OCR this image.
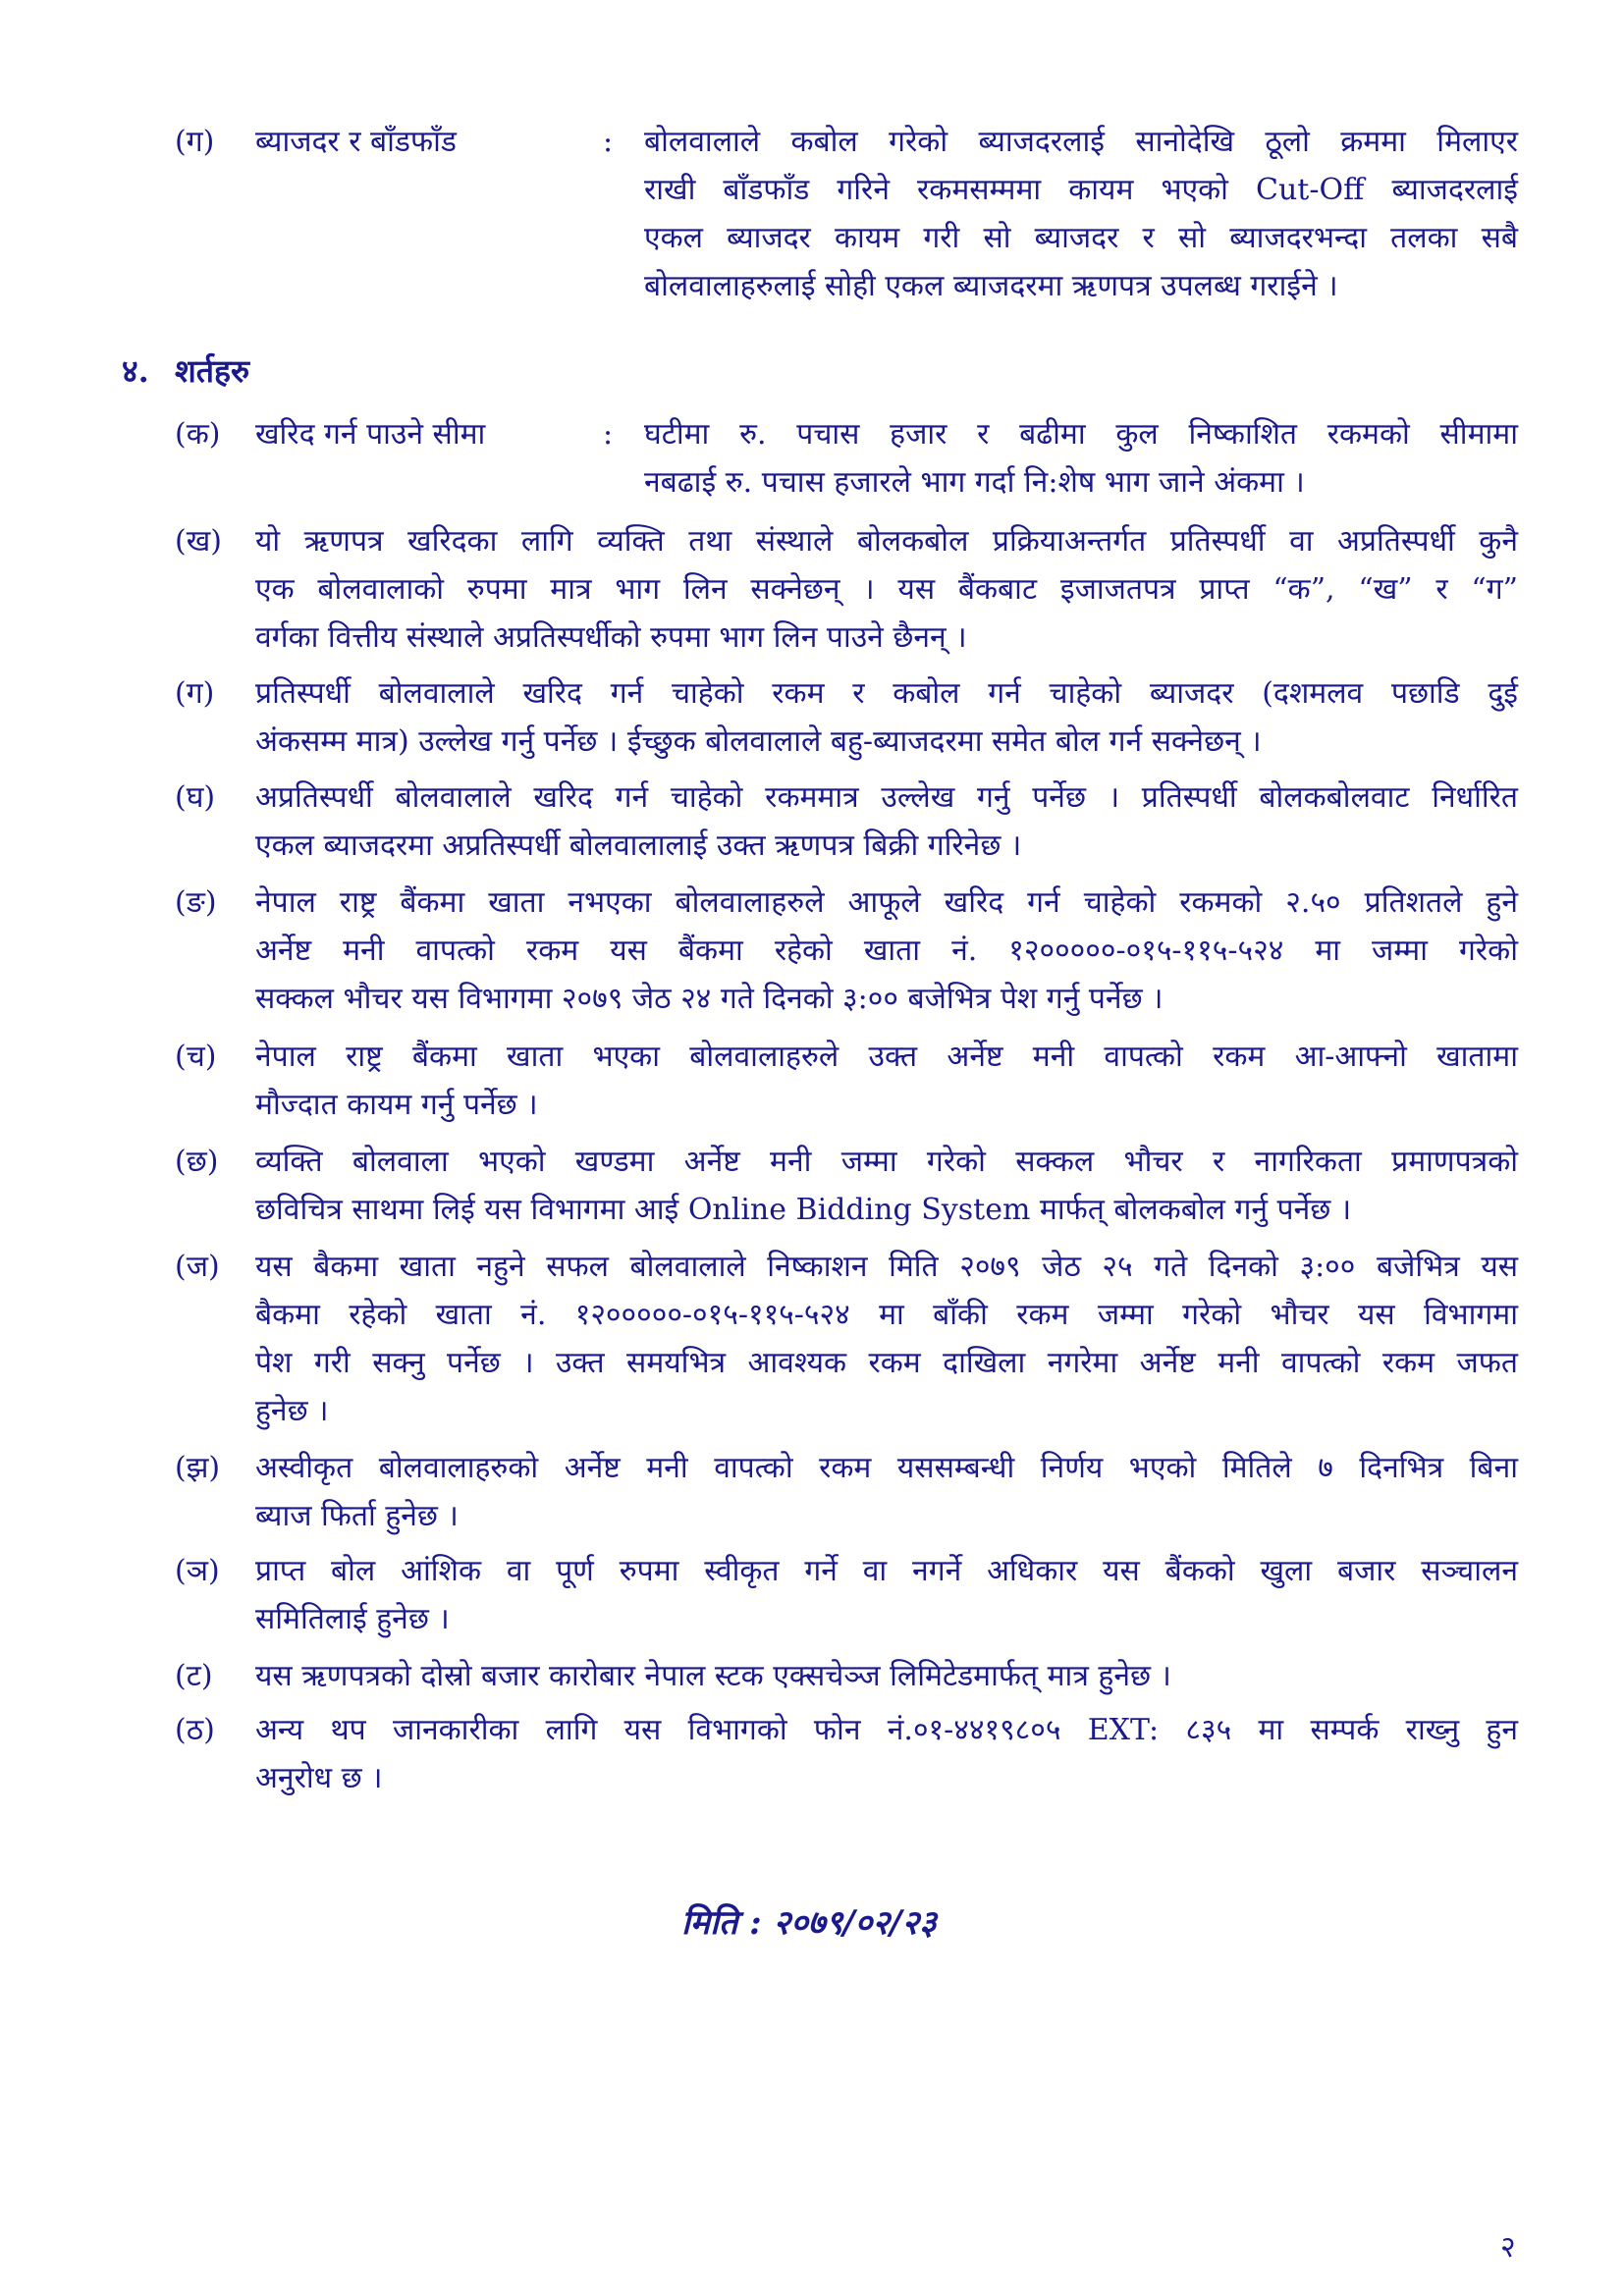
(ग) ब्याजदर र बाँडफाँड	: बोलवालाले कबोल गरेको ब्याजदरलाई सानोदेखि ठूलो क्रममा मिलाएर
राखी बाँडफाँड गरिने रकमसम्ममा कायम भएको Cut-Off ब्याजदरलाई
एकल ब्याजदर कायम गरी सो ब्याजदर र सो ब्याजदरभन्दा तलका सबै
बोलवालाहरुलाई सोही एकल ब्याजदरमा ऋणपत्र उपलब्ध गराईने ।
४. शर्तहरु
(क) खरिद गर्न पाउने सीमा	: घटीमा रु. पचास हजार र बढीमा कुल निष्काशित रकमको सीमामा
नबढाई रु. पचास हजारले भाग गर्दा नि:शेष भाग जाने अंकमा ।
(ख) यो ऋणपत्र खरिदका लागि व्यक्ति तथा संस्थाले बोलकबोल प्रक्रियाअन्तर्गत प्रतिस्पर्धी वा अप्रतिस्पर्धी कुनै
एक बोलवालाको रुपमा मात्र भाग लिन सक्नेछन् । यस बैंकबाट इजाजतपत्र प्राप्त “क”, “ख” र “ग”
वर्गका वित्तीय संस्थाले अप्रतिस्पर्धीको रुपमा भाग लिन पाउने छैनन् ।
(ग) प्रतिस्पर्धी बोलवालाले खरिद गर्न चाहेको रकम र कबोल गर्न चाहेको ब्याजदर (दशमलव पछाडि दुई
अंकसम्म मात्र) उल्लेख गर्नु पर्नेछ । ईच्छुक बोलवालाले बहु-ब्याजदरमा समेत बोल गर्न सक्नेछन् ।
(घ) अप्रतिस्पर्धी बोलवालाले खरिद गर्न चाहेको रकममात्र उल्लेख गर्नु पर्नेछ । प्रतिस्पर्धी बोलकबोलवाट निर्धारित
एकल ब्याजदरमा अप्रतिस्पर्धी बोलवालालाई उक्त ऋणपत्र बिक्री गरिनेछ ।
(ङ) नेपाल राष्ट्र बैंकमा खाता नभएका बोलवालाहरुले आफूले खरिद गर्न चाहेको रकमको २.५० प्रतिशतले हुने
अर्नेष्ट मनी वापत्को रकम यस बैंकमा रहेको खाता नं. १२०००००-०१५-११५-५२४ मा जम्मा गरेको
सक्कल भौचर यस विभागमा २०७९ जेठ २४ गते दिनको ३:०० बजेभित्र पेश गर्नु पर्नेछ ।
(च) नेपाल राष्ट्र बैंकमा खाता भएका बोलवालाहरुले उक्त अर्नेष्ट मनी वापत्को रकम आ-आफ्नो खातामा
मौज्दात कायम गर्नु पर्नेछ ।
(छ) व्यक्ति बोलवाला भएको खण्डमा अर्नेष्ट मनी जम्मा गरेको सक्कल भौचर र नागरिकता प्रमाणपत्रको
छविचित्र साथमा लिई यस विभागमा आई Online Bidding System मार्फत् बोलकबोल गर्नु पर्नेछ ।
(ज) यस बैकमा खाता नहुने सफल बोलवालाले निष्काशन मिति २०७९ जेठ २५ गते दिनको ३:०० बजेभित्र यस
बैकमा रहेको खाता नं. १२०००००-०१५-११५-५२४ मा बाँकी रकम जम्मा गरेको भौचर यस विभागमा
पेश गरी सक्नु पर्नेछ । उक्त समयभित्र आवश्यक रकम दाखिला नगरेमा अर्नेष्ट मनी वापत्को रकम जफत
हुनेछ ।
(झ) अस्वीकृत बोलवालाहरुको अर्नेष्ट मनी वापत्को रकम यससम्बन्धी निर्णय भएको मितिले ७ दिनभित्र बिना
ब्याज फिर्ता हुनेछ ।
(ञ) प्राप्त बोल आंशिक वा पूर्ण रुपमा स्वीकृत गर्ने वा नगर्ने अधिकार यस बैंकको खुला बजार सञ्चालन
समितिलाई हुनेछ ।
(ट) यस ऋणपत्रको दोस्रो बजार कारोबार नेपाल स्टक एक्सचेञ्ज लिमिटेडमार्फत् मात्र हुनेछ ।
(ठ) अन्य थप जानकारीका लागि यस विभागको फोन नं.०१-४४१९८०५ EXT: ८३५ मा सम्पर्क राख्नु हुन
अनुरोध छ ।
मिति : २०७९/०२/२३
२
